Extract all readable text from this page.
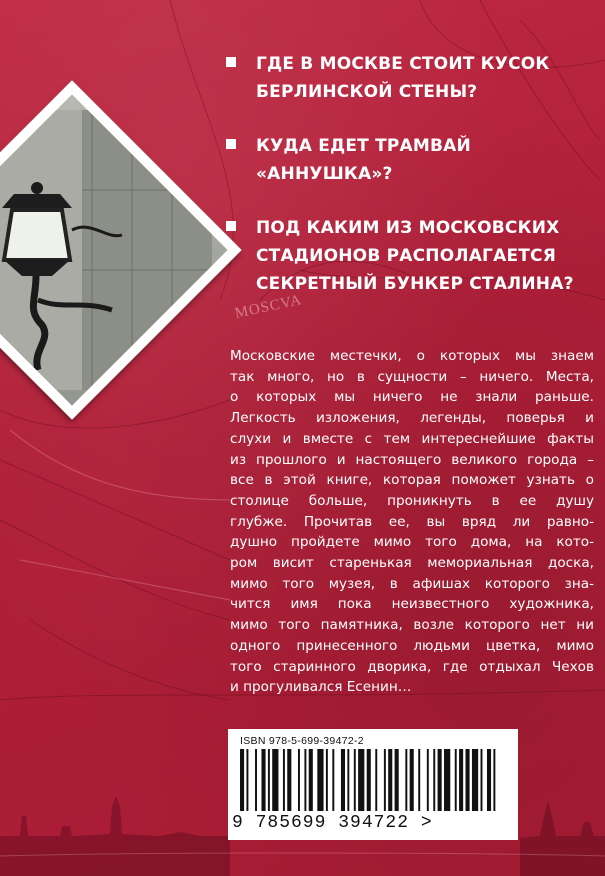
MOSCVA
ГДЕ В МОСКВЕ СТОИТ КУСОК
БЕРЛИНСКОЙ СТЕНЫ?
КУДА ЕДЕТ ТРАМВАЙ «АННУШКА»?
ПОД КАКИМ ИЗ МОСКОВСКИХ
СТАДИОНОВ РАСПОЛАГАЕТСЯ
СЕКРЕТНЫЙ БУНКЕР СТАЛИНА?
Московские местечки, о которых мы знаем
так много, но в сущности – ничего. Места,
о которых мы ничего не знали раньше.
Легкость изложения, легенды, поверья и
слухи и вместе с тем интереснейшие факты
из прошлого и настоящего великого города –
все в этой книге, которая поможет узнать о
столице больше, проникнуть в ее душу
глубже. Прочитав ее, вы вряд ли равно-
душно пройдете мимо того дома, на кото-
ром висит старенькая мемориальная доска,
мимо того музея, в афишах которого зна-
чится имя пока неизвестного художника,
мимо того памятника, возле которого нет ни
одного принесенного людьми цветка, мимо
того старинного дворика, где отдыхал Чехов
и прогуливался Есенин…
ISBN 978-5-699-39472-2
9 785699 394722 >
